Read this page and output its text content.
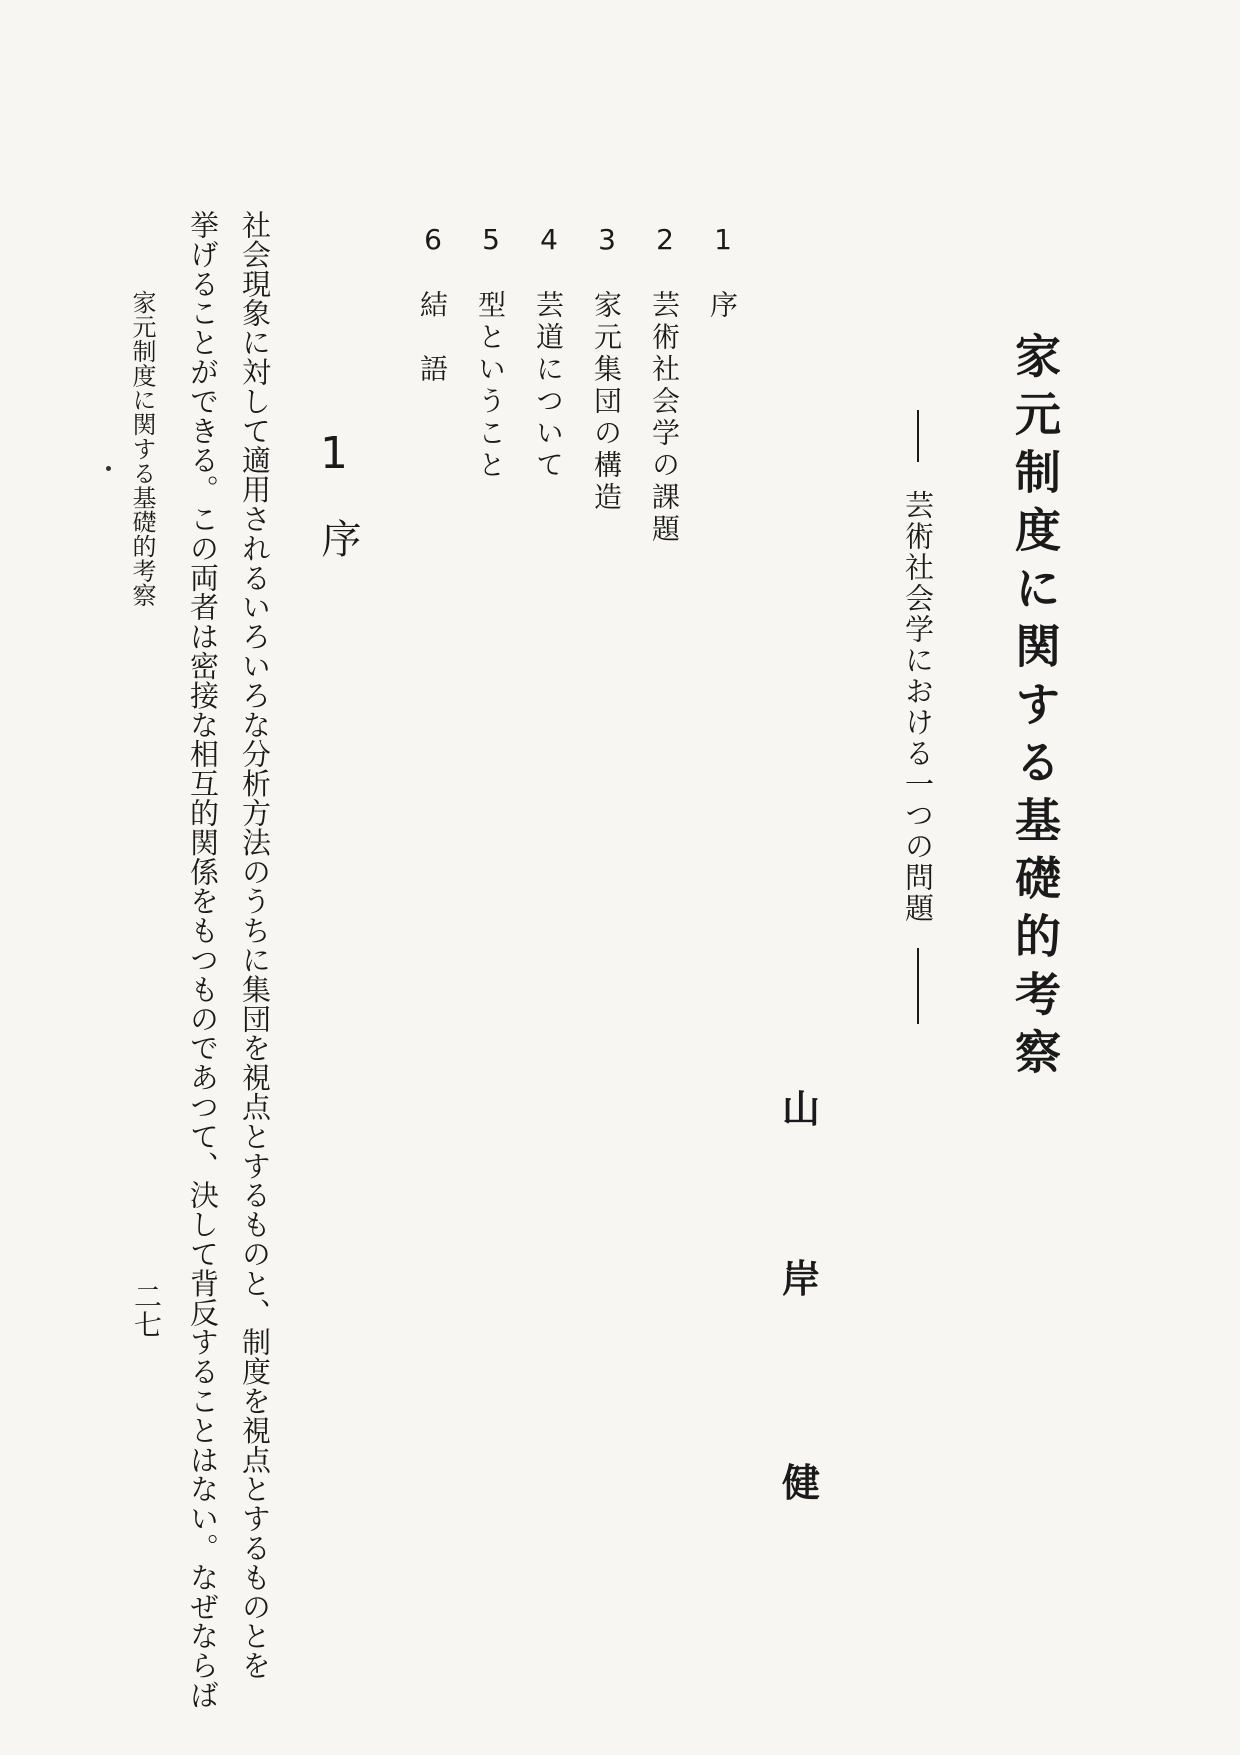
家元制度に関する基礎的考察
芸術社会学における一つの問題
山
岸
健
1
序
2
芸術社会学の課題
3
家元集団の構造
4
芸道について
5
型ということ
6
結　語
1
序
社会現象に対して適用されるいろいろな分析方法のうちに集団を視点とするものと、制度を視点とするものとを
挙げることができる。この両者は密接な相互的関係をもつものであつて、決して背反することはない。なぜならば
家元制度に関する基礎的考察
二七
